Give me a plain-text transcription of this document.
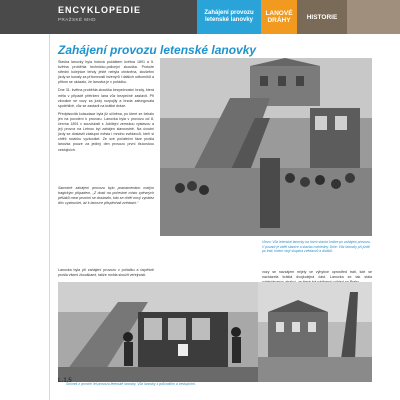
ENCYKLOPEDIE
PRAŽSKÉ MHD
Zahájení provozu letenské lanovky
LANOVÉ DRÁHY	HISTORIE
Zahájení provozu letenské lanovky

Stavba lanovky byla hotová počátkem května 1891 a 5. května proběhla technicko-policejní zkouška. Protože střední kolejnice tehdy ještě nebyla chráněna, zkušební jízdy se konaly za přítomnosti inženýrů i dalších odborníků a přitom se ukázalo, že lanovka je v pořádku.

Dne 31. května proběhla zkouška bezpečnostní brzdy, která měla v případě přetržení lana vůz bezpečně zastavit. Při zkoušce se vozy za jízdy rozpojily a brzda zafungovala spolehlivě, vůz se zastavil na krátké dráze.

Předpisovitá kolaudace byla již učiněna, po které se čekalo jen na povolení k provozu. Lanovka byla v provozu od 8. června 1891 v souvislosti s Jubilejní zemskou výstavou a její provoz na Letnou byl zahájen slavnostně. Na úvodní jízdy se dostavili zástupci města i mnoho zvědavců, kteří si chtěli novinku vyzkoušet. Ze své počáteční fáze prošla lanovka pouze za jediný den provozu první tisícovkou cestujících.

Samotné zahájení provozu bylo poznamenáno malým tragickým případem. „Z dosti na počestné místo zpěvných pěšáků mezi prvními se dostavilo, kdo se chtěl nový vynález dřív vyzkoušet, až k lanovce přispěchali zvědavci.“
Vlevo: Vůz letenské lanovky na horní stanici krátce po zahájení provozu. V pozadí je vidět stanice a stavba rozhledny. Dole: Vůz lanovky při jízdě po trati, kolem stojí skupina zvědavců a diváků.
Lanovka byla při zahájení provozu v pořádku a úspěšně prošla všemi zkouškami, takže mohla sloužit veřejnosti.
vozy se navzájem míjely ve výhybce uprostřed trati, kde se nacházela krátká dvojkolejná část. Lanovka se tak stala
Snímek z prvních let provozu letenské lanovky. Vůz lanovky s průvodčím a cestujícími.
L.1.5
